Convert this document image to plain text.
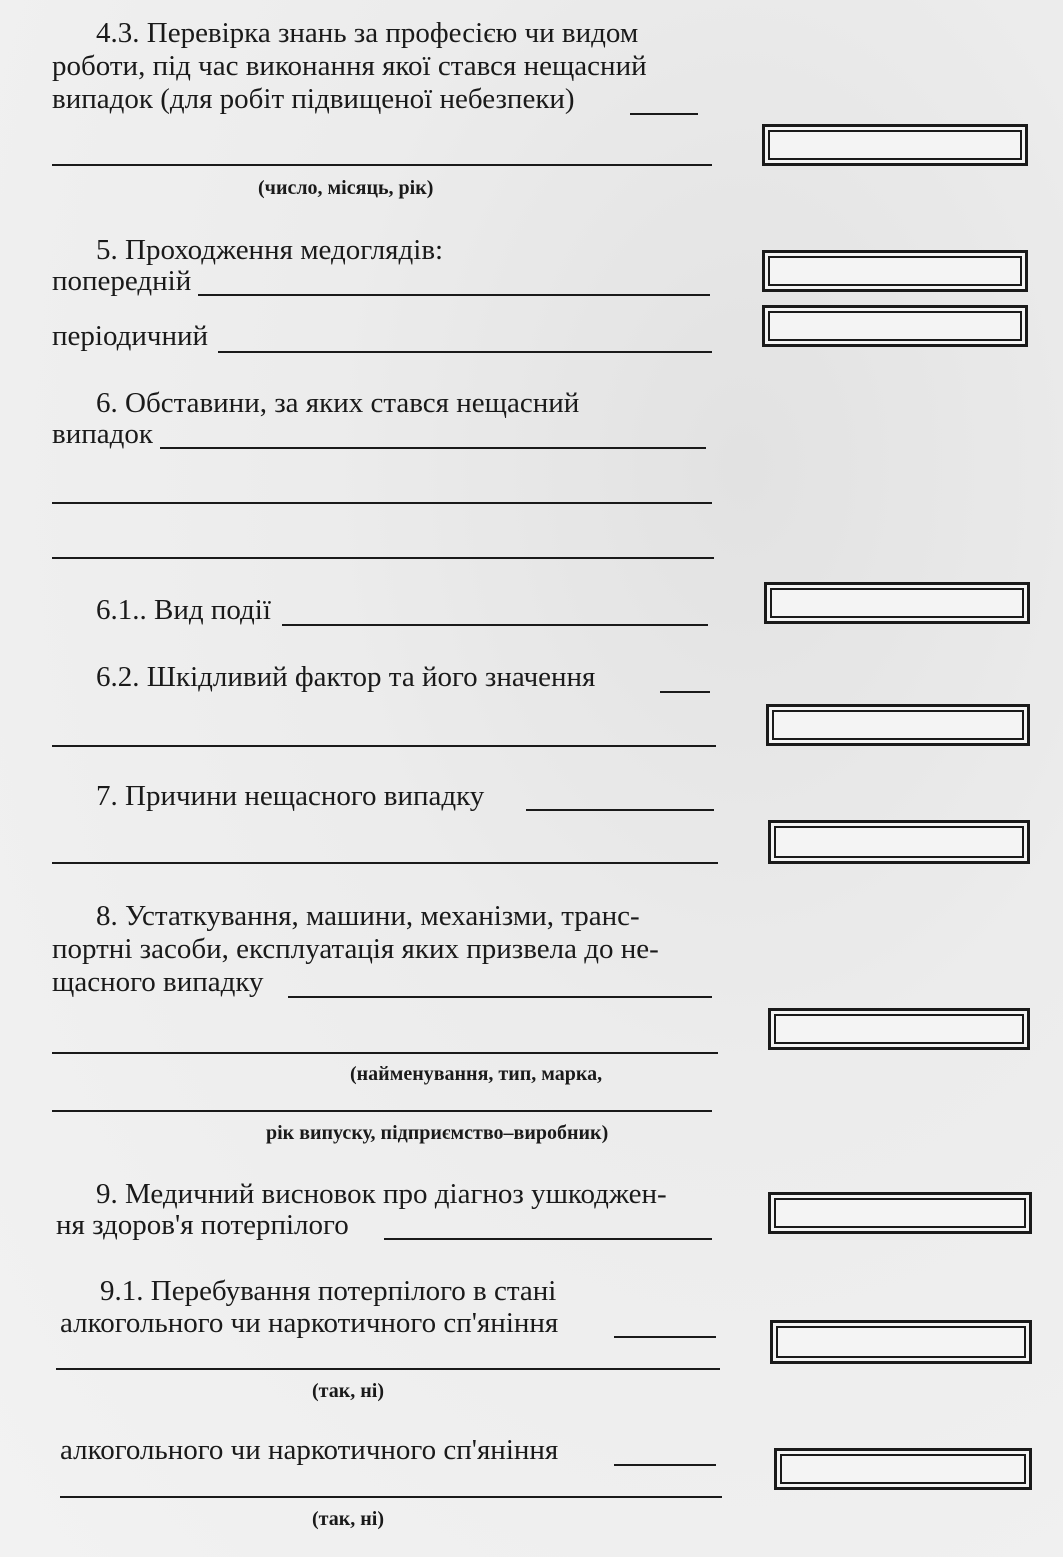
4.3. Перевірка знань за професією чи видом
роботи, під час виконання якої стався нещасний
випадок (для робіт підвищеної небезпеки)
(число, місяць, рік)
5. Проходження медоглядів:
попередній
періодичний
6. Обставини, за яких стався нещасний
випадок
6.1.. Вид події
6.2. Шкідливий фактор та його значення
7. Причини нещасного випадку
8. Устаткування, машини, механізми, транс-
портні засоби, експлуатація яких призвела до не-
щасного випадку
(найменування, тип, марка,
рік випуску, підприємство–виробник)
9. Медичний висновок про діагноз ушкоджен-
ня здоров'я потерпілого
9.1. Перебування потерпілого в стані
алкогольного чи наркотичного сп'яніння
(так, ні)
алкогольного чи наркотичного сп'яніння
(так, ні)
